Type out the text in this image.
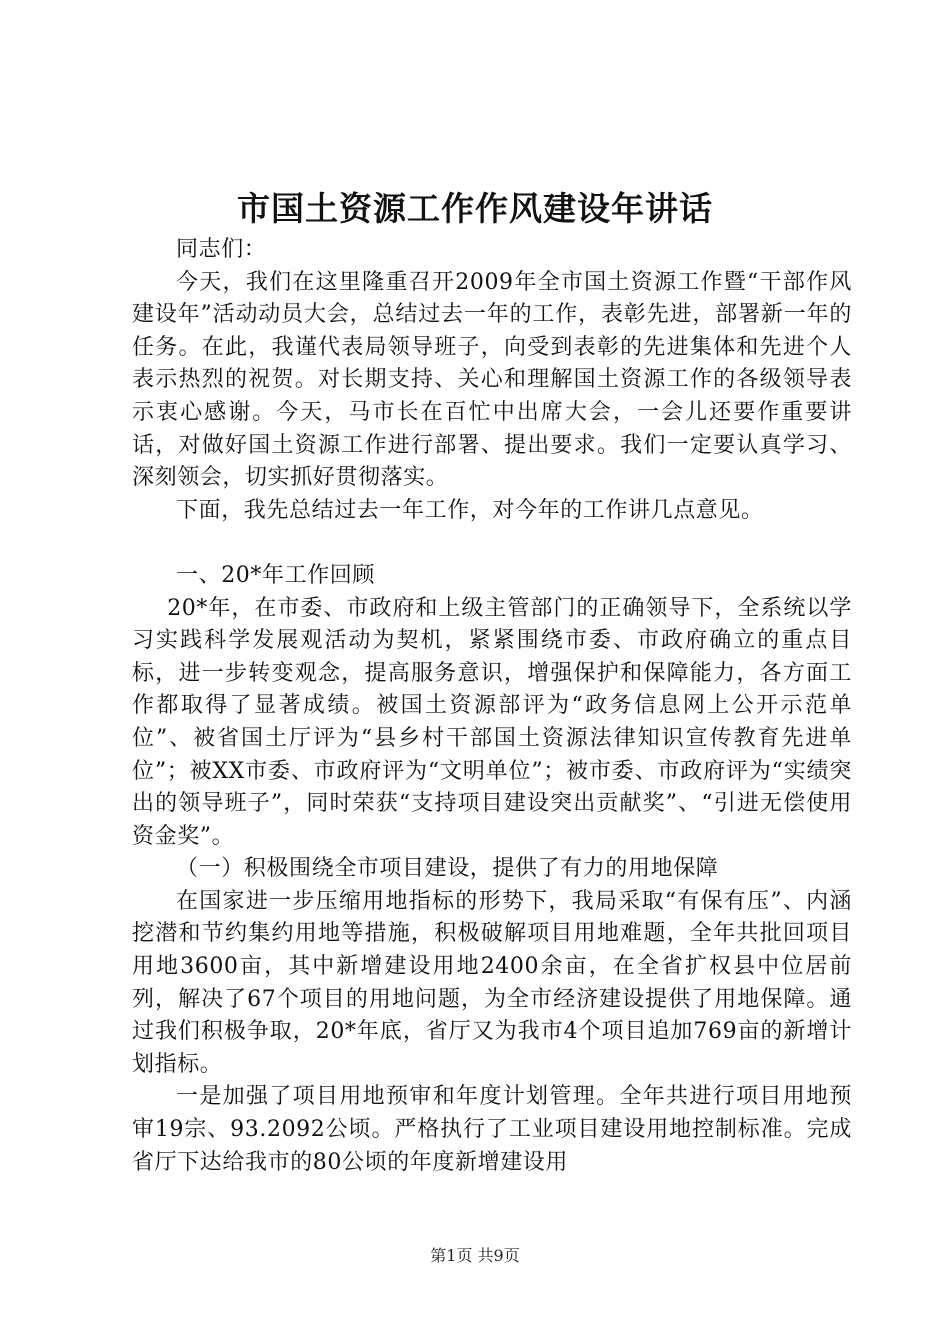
市国土资源工作作风建设年讲话

同志们：

今天，我们在这里隆重召开2009年全市国土资源工作暨“干部作风建设年”活动动员大会，总结过去一年的工作，表彰先进，部署新一年的任务。在此，我谨代表局领导班子，向受到表彰的先进集体和先进个人表示热烈的祝贺。对长期支持、关心和理解国土资源工作的各级领导表示衷心感谢。今天，马市长在百忙中出席大会，一会儿还要作重要讲话，对做好国土资源工作进行部署、提出要求。我们一定要认真学习、深刻领会，切实抓好贯彻落实。

下面，我先总结过去一年工作，对今年的工作讲几点意见。

一、20*年工作回顾

20*年，在市委、市政府和上级主管部门的正确领导下，全系统以学习实践科学发展观活动为契机，紧紧围绕市委、市政府确立的重点目标，进一步转变观念，提高服务意识，增强保护和保障能力，各方面工作都取得了显著成绩。被国土资源部评为“政务信息网上公开示范单位”、被省国土厅评为“县乡村干部国土资源法律知识宣传教育先进单位”；被XX市委、市政府评为“文明单位”；被市委、市政府评为“实绩突出的领导班子”，同时荣获“支持项目建设突出贡献奖”、“引进无偿使用资金奖”。

（一）积极围绕全市项目建设，提供了有力的用地保障

在国家进一步压缩用地指标的形势下，我局采取“有保有压”、内涵挖潜和节约集约用地等措施，积极破解项目用地难题，全年共批回项目用地3600亩，其中新增建设用地2400余亩，在全省扩权县中位居前列，解决了67个项目的用地问题，为全市经济建设提供了用地保障。通过我们积极争取，20*年底，省厅又为我市4个项目追加769亩的新增计划指标。

一是加强了项目用地预审和年度计划管理。全年共进行项目用地预审19宗、93.2092公顷。严格执行了工业项目建设用地控制标准。完成省厅下达给我市的80公顷的年度新增建设用

第1页 共9页
